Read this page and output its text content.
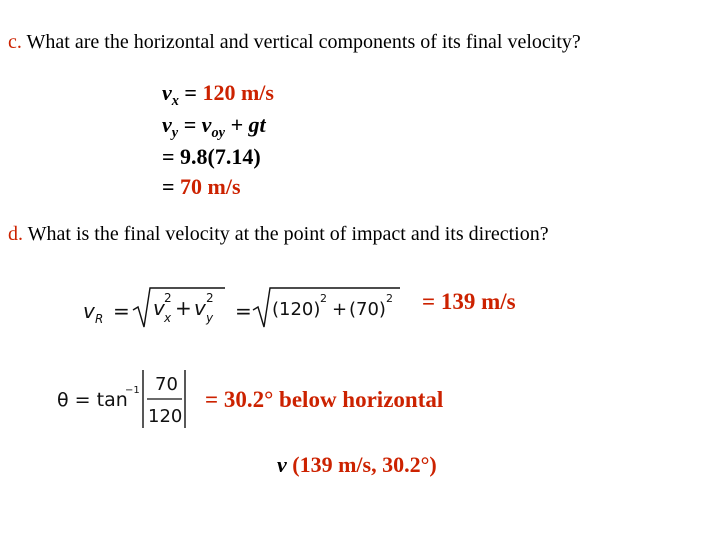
c. What are the horizontal and vertical components of its final velocity?
$v_x = 120$ m/s
$v_y = v_{oy}$ + gt
= 9.8(7.14)
= 70 m/s
d. What is the final velocity at the point of impact and its direction?
v R = v 2
x + v 2
y = (120)
2
+ (70)
2 = 139 m/s
θ = tan
−1 70
120
= 30.2° below horizontal
v (139 m/s, 30.2°)
